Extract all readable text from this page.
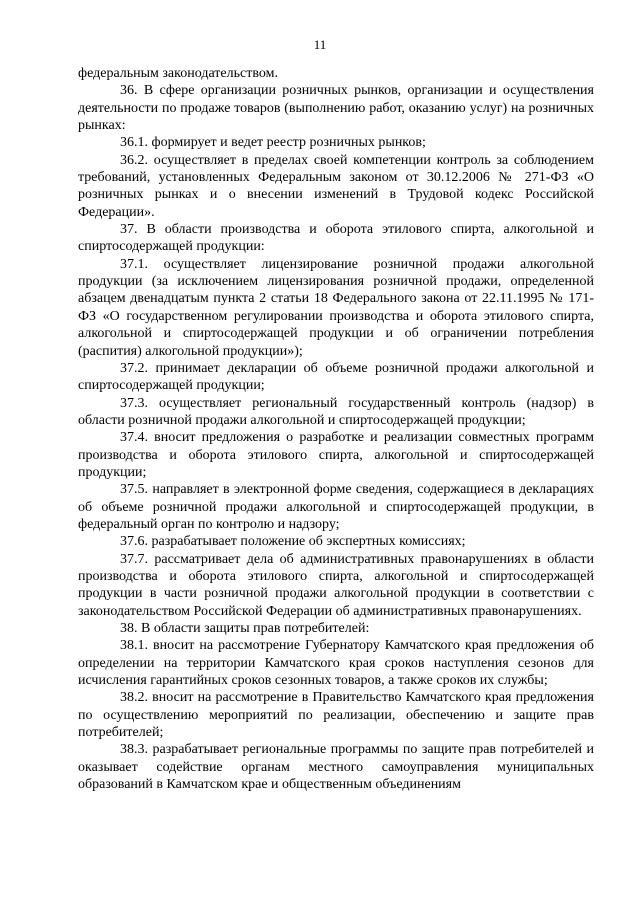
11

федеральным законодательством.

36. В сфере организации розничных рынков, организации и осуществления деятельности по продаже товаров (выполнению работ, оказанию услуг) на розничных рынках:

36.1. формирует и ведет реестр розничных рынков;

36.2. осуществляет в пределах своей компетенции контроль за соблюдением требований, установленных Федеральным законом от 30.12.2006 № 271-ФЗ «О розничных рынках и о внесении изменений в Трудовой кодекс Российской Федерации».

37. В области производства и оборота этилового спирта, алкогольной и спиртосодержащей продукции:

37.1. осуществляет лицензирование розничной продажи алкогольной продукции (за исключением лицензирования розничной продажи, определенной абзацем двенадцатым пункта 2 статьи 18 Федерального закона от 22.11.1995 № 171-ФЗ «О государственном регулировании производства и оборота этилового спирта, алкогольной и спиртосодержащей продукции и об ограничении потребления (распития) алкогольной продукции»);

37.2. принимает декларации об объеме розничной продажи алкогольной и спиртосодержащей продукции;

37.3. осуществляет региональный государственный контроль (надзор) в области розничной продажи алкогольной и спиртосодержащей продукции;

37.4. вносит предложения о разработке и реализации совместных программ производства и оборота этилового спирта, алкогольной и спиртосодержащей продукции;

37.5. направляет в электронной форме сведения, содержащиеся в декларациях об объеме розничной продажи алкогольной и спиртосодержащей продукции, в федеральный орган по контролю и надзору;

37.6. разрабатывает положение об экспертных комиссиях;

37.7. рассматривает дела об административных правонарушениях в области производства и оборота этилового спирта, алкогольной и спиртосодержащей продукции в части розничной продажи алкогольной продукции в соответствии с законодательством Российской Федерации об административных правонарушениях.

38. В области защиты прав потребителей:

38.1. вносит на рассмотрение Губернатору Камчатского края предложения об определении на территории Камчатского края сроков наступления сезонов для исчисления гарантийных сроков сезонных товаров, а также сроков их службы;

38.2. вносит на рассмотрение в Правительство Камчатского края предложения по осуществлению мероприятий по реализации, обеспечению и защите прав потребителей;

38.3. разрабатывает региональные программы по защите прав потребителей и оказывает содействие органам местного самоуправления муниципальных образований в Камчатском крае и общественным объединениям
